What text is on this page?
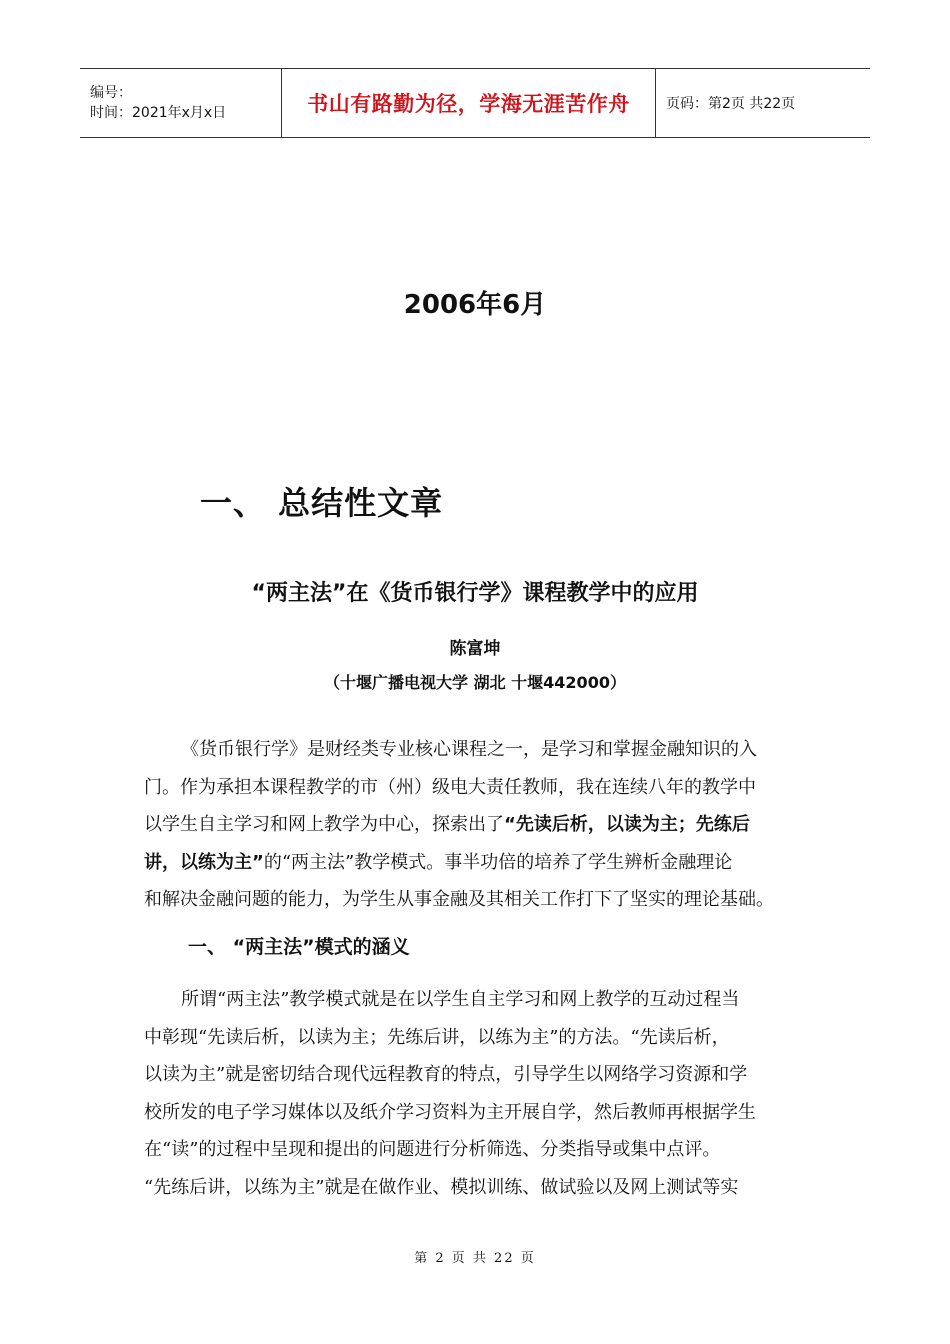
编号：
时间：2021年x月x日	书山有路勤为径，学海无涯苦作舟	页码：第2页 共22页
2006年6月
一、 总结性文章
“两主法”在《货币银行学》课程教学中的应用
陈富坤
（十堰广播电视大学 湖北 十堰442000）
《货币银行学》是财经类专业核心课程之一，是学习和掌握金融知识的入
门。作为承担本课程教学的市（州）级电大责任教师，我在连续八年的教学中
以学生自主学习和网上教学为中心，探索出了“先读后析，以读为主；先练后
讲，以练为主”的“两主法”教学模式。事半功倍的培养了学生辨析金融理论
和解决金融问题的能力，为学生从事金融及其相关工作打下了坚实的理论基础。
一、 “两主法”模式的涵义
所谓“两主法”教学模式就是在以学生自主学习和网上教学的互动过程当
中彰现“先读后析，以读为主；先练后讲，以练为主”的方法。“先读后析，
以读为主”就是密切结合现代远程教育的特点，引导学生以网络学习资源和学
校所发的电子学习媒体以及纸介学习资料为主开展自学，然后教师再根据学生
在“读”的过程中呈现和提出的问题进行分析筛选、分类指导或集中点评。
“先练后讲，以练为主”就是在做作业、模拟训练、做试验以及网上测试等实
第 2 页 共 22 页
